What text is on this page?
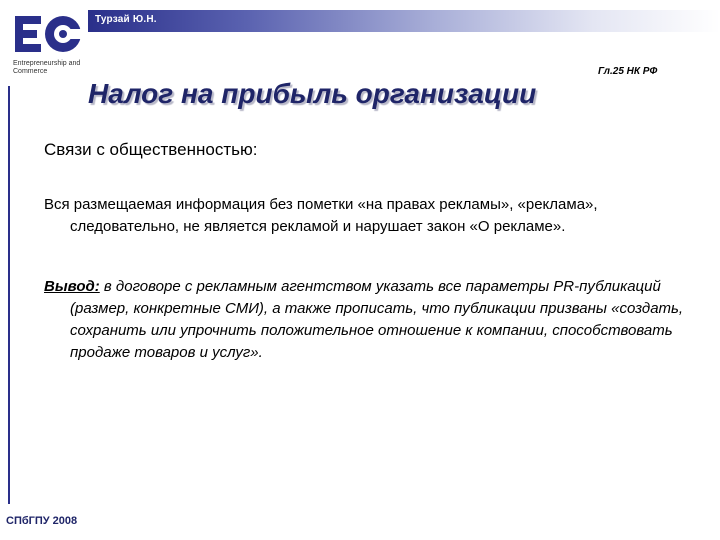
Турзай Ю.Н.
Entrepreneurship and Commerce	Гл.25 НК РФ
Налог на прибыль организации
Связи с общественностью:
Вся размещаемая информация без пометки «на правах рекламы», «реклама», следовательно, не является рекламой и нарушает закон «О рекламе».
Вывод: в договоре с рекламным агентством указать все параметры PR-публикаций (размер, конкретные СМИ), а также прописать, что публикации призваны «создать, сохранить или упрочнить положительное отношение к компании, способствовать продаже товаров и услуг».
СПбГПУ 2008
